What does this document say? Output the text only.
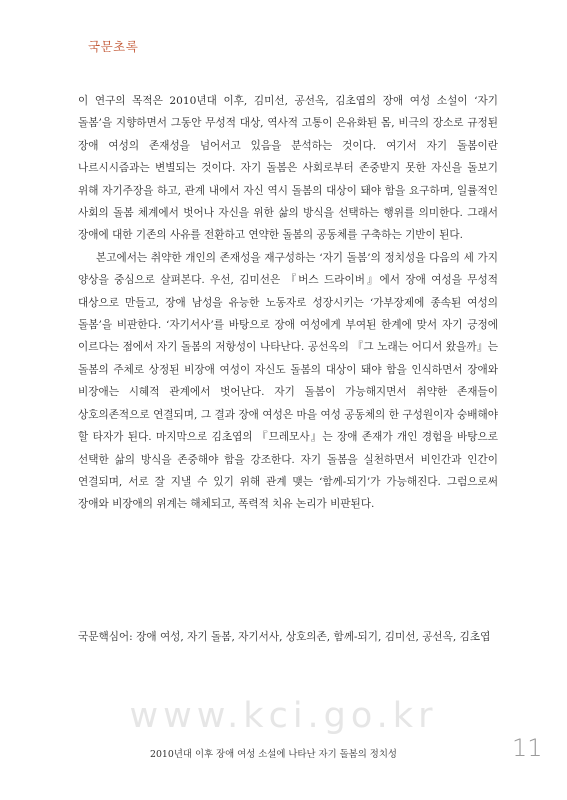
국문초록

이 연구의 목적은 2010년대 이후, 김미선, 공선옥, 김초엽의 장애 여성 소설이 ‘자기 돌봄’을 지향하면서 그동안 무성적 대상, 역사적 고통이 은유화된 몸, 비극의 장소로 규정된 장애 여성의 존재성을 넘어서고 있음을 분석하는 것이다. 여기서 자기 돌봄이란 나르시시즘과는 변별되는 것이다. 자기 돌봄은 사회로부터 존중받지 못한 자신을 돌보기 위해 자기주장을 하고, 관계 내에서 자신 역시 돌봄의 대상이 돼야 함을 요구하며, 일률적인 사회의 돌봄 체계에서 벗어나 자신을 위한 삶의 방식을 선택하는 행위를 의미한다. 그래서 장애에 대한 기존의 사유를 전환하고 연약한 돌봄의 공동체를 구축하는 기반이 된다.

본고에서는 취약한 개인의 존재성을 재구성하는 ‘자기 돌봄’의 정치성을 다음의 세 가지 양상을 중심으로 살펴본다. 우선, 김미선은 『버스 드라이버』에서 장애 여성을 무성적 대상으로 만들고, 장애 남성을 유능한 노동자로 성장시키는 ‘가부장제에 종속된 여성의 돌봄’을 비판한다. ‘자기서사’를 바탕으로 장애 여성에게 부여된 한계에 맞서 자기 긍정에 이르다는 점에서 자기 돌봄의 저항성이 나타난다. 공선옥의 『그 노래는 어디서 왔을까』는 돌봄의 주체로 상정된 비장애 여성이 자신도 돌봄의 대상이 돼야 함을 인식하면서 장애와 비장애는 시혜적 관계에서 벗어난다. 자기 돌봄이 가능해지면서 취약한 존재들이 상호의존적으로 연결되며, 그 결과 장애 여성은 마을 여성 공동체의 한 구성원이자 숭배해야 할 타자가 된다. 마지막으로 김초엽의 『므레모사』는 장애 존재가 개인 경험을 바탕으로 선택한 삶의 방식을 존중해야 함을 강조한다. 자기 돌봄을 실천하면서 비인간과 인간이 연결되며, 서로 잘 지낼 수 있기 위해 관계 맺는 ‘함께-되기’가 가능해진다. 그럼으로써 장애와 비장애의 위계는 해체되고, 폭력적 치유 논리가 비판된다.

국문핵심어: 장애 여성, 자기 돌봄, 자기서사, 상호의존, 함께-되기, 김미선, 공선옥, 김초엽

www.kci.go.kr
2010년대 이후 장애 여성 소설에 나타난 자기 돌봄의 정치성	11
